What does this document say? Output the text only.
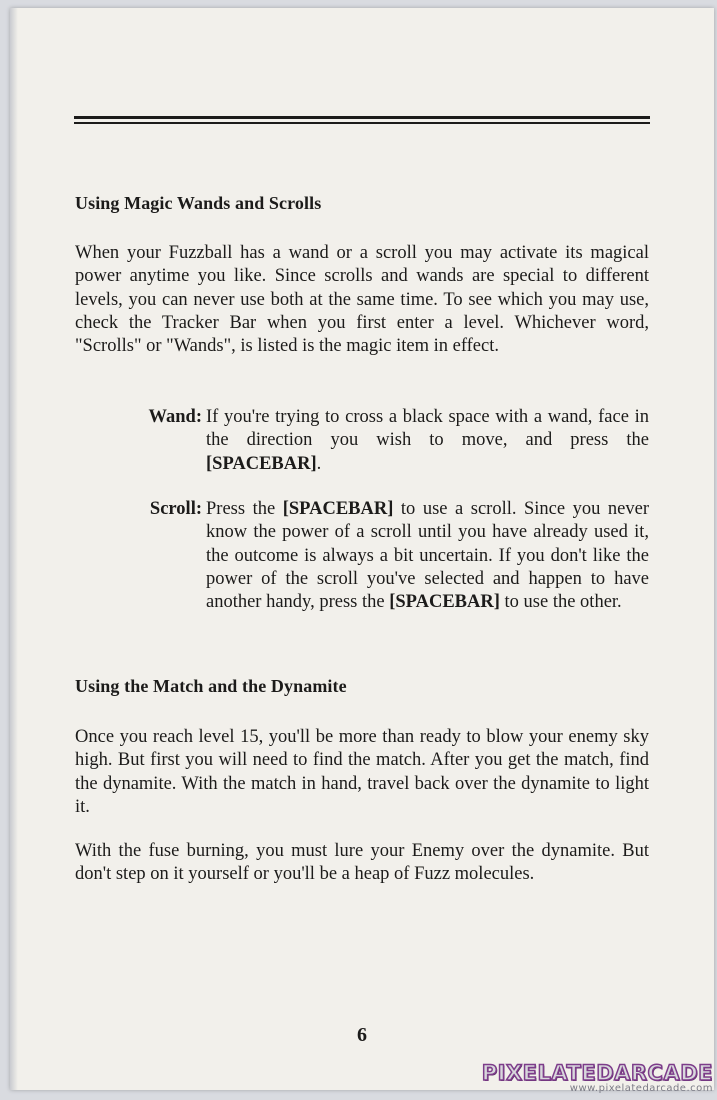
Using Magic Wands and Scrolls
When your Fuzzball has a wand or a scroll you may activate its magical power anytime you like. Since scrolls and wands are special to different levels, you can never use both at the same time. To see which you may use, check the Tracker Bar when you first enter a level. Whichever word, "Scrolls" or "Wands", is listed is the magic item in effect.
Wand: If you're trying to cross a black space with a wand, face in the direction you wish to move, and press the [SPACEBAR].
Scroll: Press the [SPACEBAR] to use a scroll. Since you never know the power of a scroll until you have already used it, the outcome is always a bit uncertain. If you don't like the power of the scroll you've selected and happen to have another handy, press the [SPACEBAR] to use the other.
Using the Match and the Dynamite
Once you reach level 15, you'll be more than ready to blow your enemy sky high. But first you will need to find the match. After you get the match, find the dynamite. With the match in hand, travel back over the dynamite to light it.
With the fuse burning, you must lure your Enemy over the dynamite. But don't step on it yourself or you'll be a heap of Fuzz molecules.
6
PIXELATEDARCADE
www.pixelatedarcade.com
